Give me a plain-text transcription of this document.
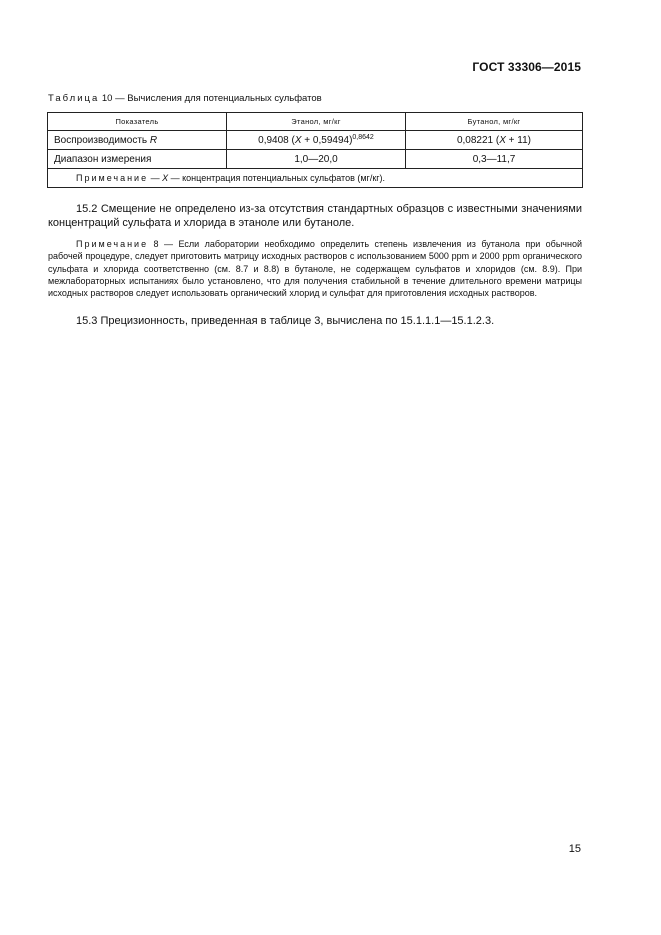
ГОСТ 33306—2015
Таблица 10 — Вычисления для потенциальных сульфатов
Показатель	Этанол, мг/кг	Бутанол, мг/кг
Воспроизводимость R	0,9408 $(X + 0,59494)^{0,8642}$	0,08221 (X + 11)
Диапазон измерения	1,0—20,0	0,3—11,7
Примечание — X — концентрация потенциальных сульфатов (мг/кг).		
15.2 Смещение не определено из-за отсутствия стандартных образцов с известными значениями концентраций сульфата и хлорида в этаноле или бутаноле.
Примечание 8 — Если лаборатории необходимо определить степень извлечения из бутанола при обычной рабочей процедуре, следует приготовить матрицу исходных растворов с использованием 5000 ppm и 2000 ppm органического сульфата и хлорида соответственно (см. 8.7 и 8.8) в бутаноле, не содержащем сульфатов и хлоридов (см. 8.9). При межлабораторных испытаниях было установлено, что для получения стабильной в течение длительного времени матрицы исходных растворов следует использовать органический хлорид и сульфат для приготовления исходных растворов.
15.3 Прецизионность, приведенная в таблице 3, вычислена по 15.1.1.1—15.1.2.3.
15
